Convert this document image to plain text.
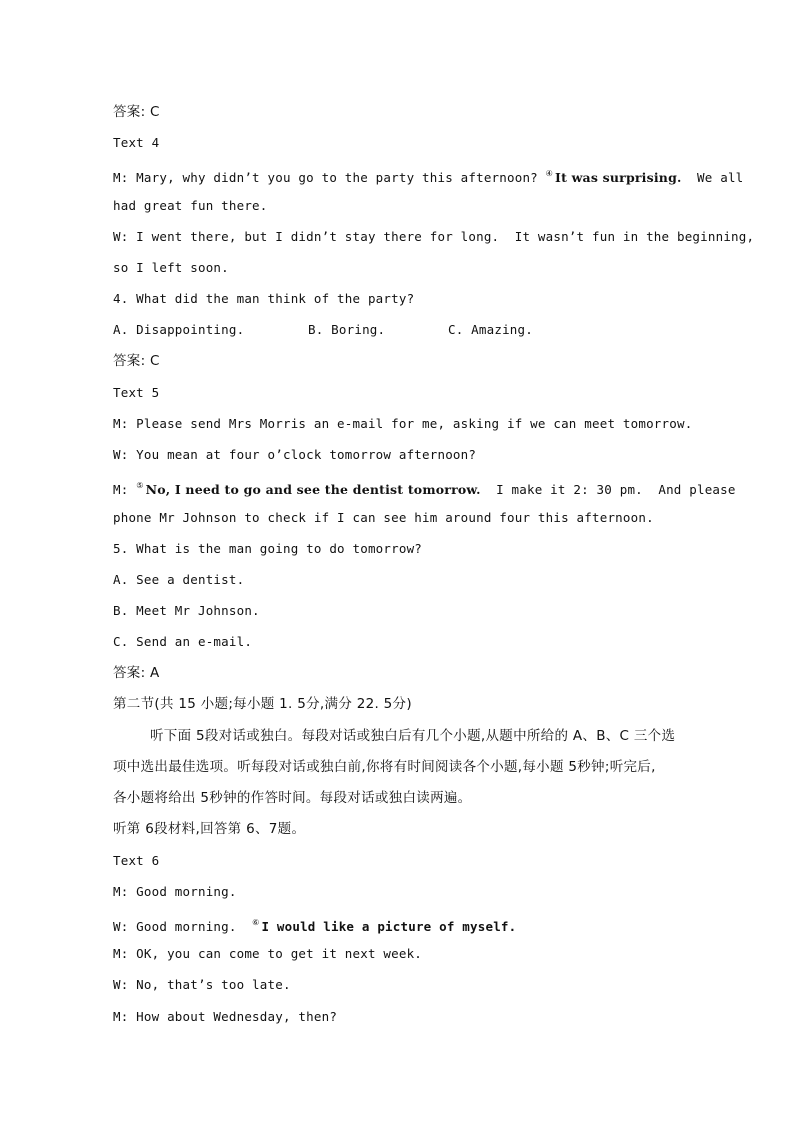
答案: C
Text 4
M: Mary, why didn’t you go to the party this afternoon? ④ It was surprising.  We all
had great fun there.
W: I went there, but I didn’t stay there for long.  It wasn’t fun in the beginning,
so I left soon.
4. What did the man think of the party?
A. Disappointing.	B. Boring.	C. Amazing.
答案: C
Text 5
M: Please send Mrs Morris an e-mail for me, asking if we can meet tomorrow.
W: You mean at four o’clock tomorrow afternoon?
M: ⑤ No, I need to go and see the dentist tomorrow.  I make it 2: 30 pm.  And please
phone Mr Johnson to check if I can see him around four this afternoon.
5. What is the man going to do tomorrow?
A. See a dentist.
B. Meet Mr Johnson.
C. Send an e-mail.
答案: A
第二节(共 15 小题;每小题 1. 5分,满分 22. 5分)
听下面 5段对话或独白。每段对话或独白后有几个小题,从题中所给的 A、B、C 三个选
项中选出最佳选项。听每段对话或独白前,你将有时间阅读各个小题,每小题 5秒钟;听完后,
各小题将给出 5秒钟的作答时间。每段对话或独白读两遍。
听第 6段材料,回答第 6、7题。
Text 6
M: Good morning.
W: Good morning.  ⑥ I would like a picture of myself.
M: OK, you can come to get it next week.
W: No, that’s too late.
M: How about Wednesday, then?
